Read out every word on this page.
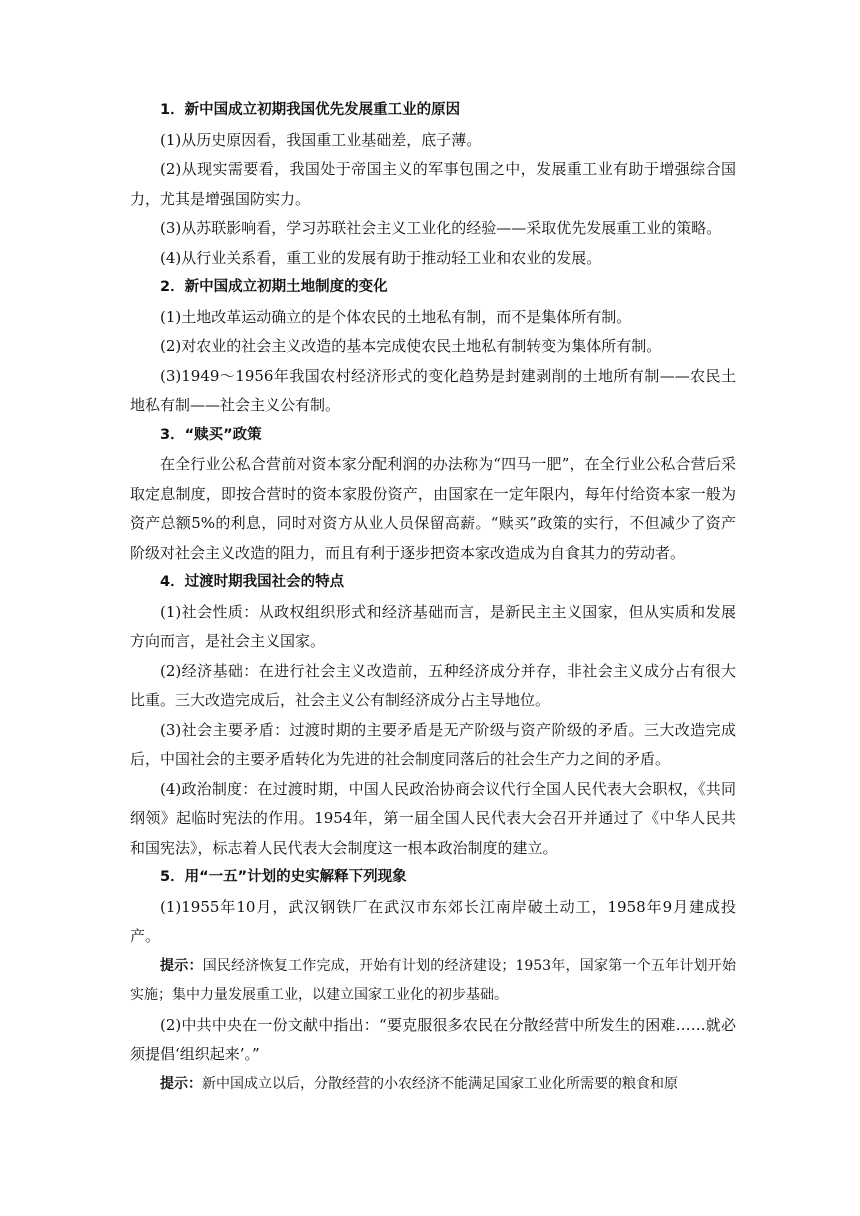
1．新中国成立初期我国优先发展重工业的原因

(1)从历史原因看，我国重工业基础差，底子薄。

(2)从现实需要看，我国处于帝国主义的军事包围之中，发展重工业有助于增强综合国力，尤其是增强国防实力。

(3)从苏联影响看，学习苏联社会主义工业化的经验——采取优先发展重工业的策略。

(4)从行业关系看，重工业的发展有助于推动轻工业和农业的发展。

2．新中国成立初期土地制度的变化

(1)土地改革运动确立的是个体农民的土地私有制，而不是集体所有制。

(2)对农业的社会主义改造的基本完成使农民土地私有制转变为集体所有制。

(3)1949～1956年我国农村经济形式的变化趋势是封建剥削的土地所有制——农民土地私有制——社会主义公有制。

3．“赎买”政策

在全行业公私合营前对资本家分配利润的办法称为“四马一肥”，在全行业公私合营后采取定息制度，即按合营时的资本家股份资产，由国家在一定年限内，每年付给资本家一般为资产总额5%的利息，同时对资方从业人员保留高薪。“赎买”政策的实行，不但减少了资产阶级对社会主义改造的阻力，而且有利于逐步把资本家改造成为自食其力的劳动者。

4．过渡时期我国社会的特点

(1)社会性质：从政权组织形式和经济基础而言，是新民主主义国家，但从实质和发展方向而言，是社会主义国家。

(2)经济基础：在进行社会主义改造前，五种经济成分并存，非社会主义成分占有很大比重。三大改造完成后，社会主义公有制经济成分占主导地位。

(3)社会主要矛盾：过渡时期的主要矛盾是无产阶级与资产阶级的矛盾。三大改造完成后，中国社会的主要矛盾转化为先进的社会制度同落后的社会生产力之间的矛盾。

(4)政治制度：在过渡时期，中国人民政治协商会议代行全国人民代表大会职权，《共同纲领》起临时宪法的作用。1954年，第一届全国人民代表大会召开并通过了《中华人民共和国宪法》，标志着人民代表大会制度这一根本政治制度的建立。

5．用“一五”计划的史实解释下列现象

(1)1955年10月，武汉钢铁厂在武汉市东郊长江南岸破土动工，1958年9月建成投产。

提示：国民经济恢复工作完成，开始有计划的经济建设；1953年，国家第一个五年计划开始实施；集中力量发展重工业，以建立国家工业化的初步基础。

(2)中共中央在一份文献中指出：“要克服很多农民在分散经营中所发生的困难……就必须提倡‘组织起来’。”

提示：新中国成立以后，分散经营的小农经济不能满足国家工业化所需要的粮食和原
